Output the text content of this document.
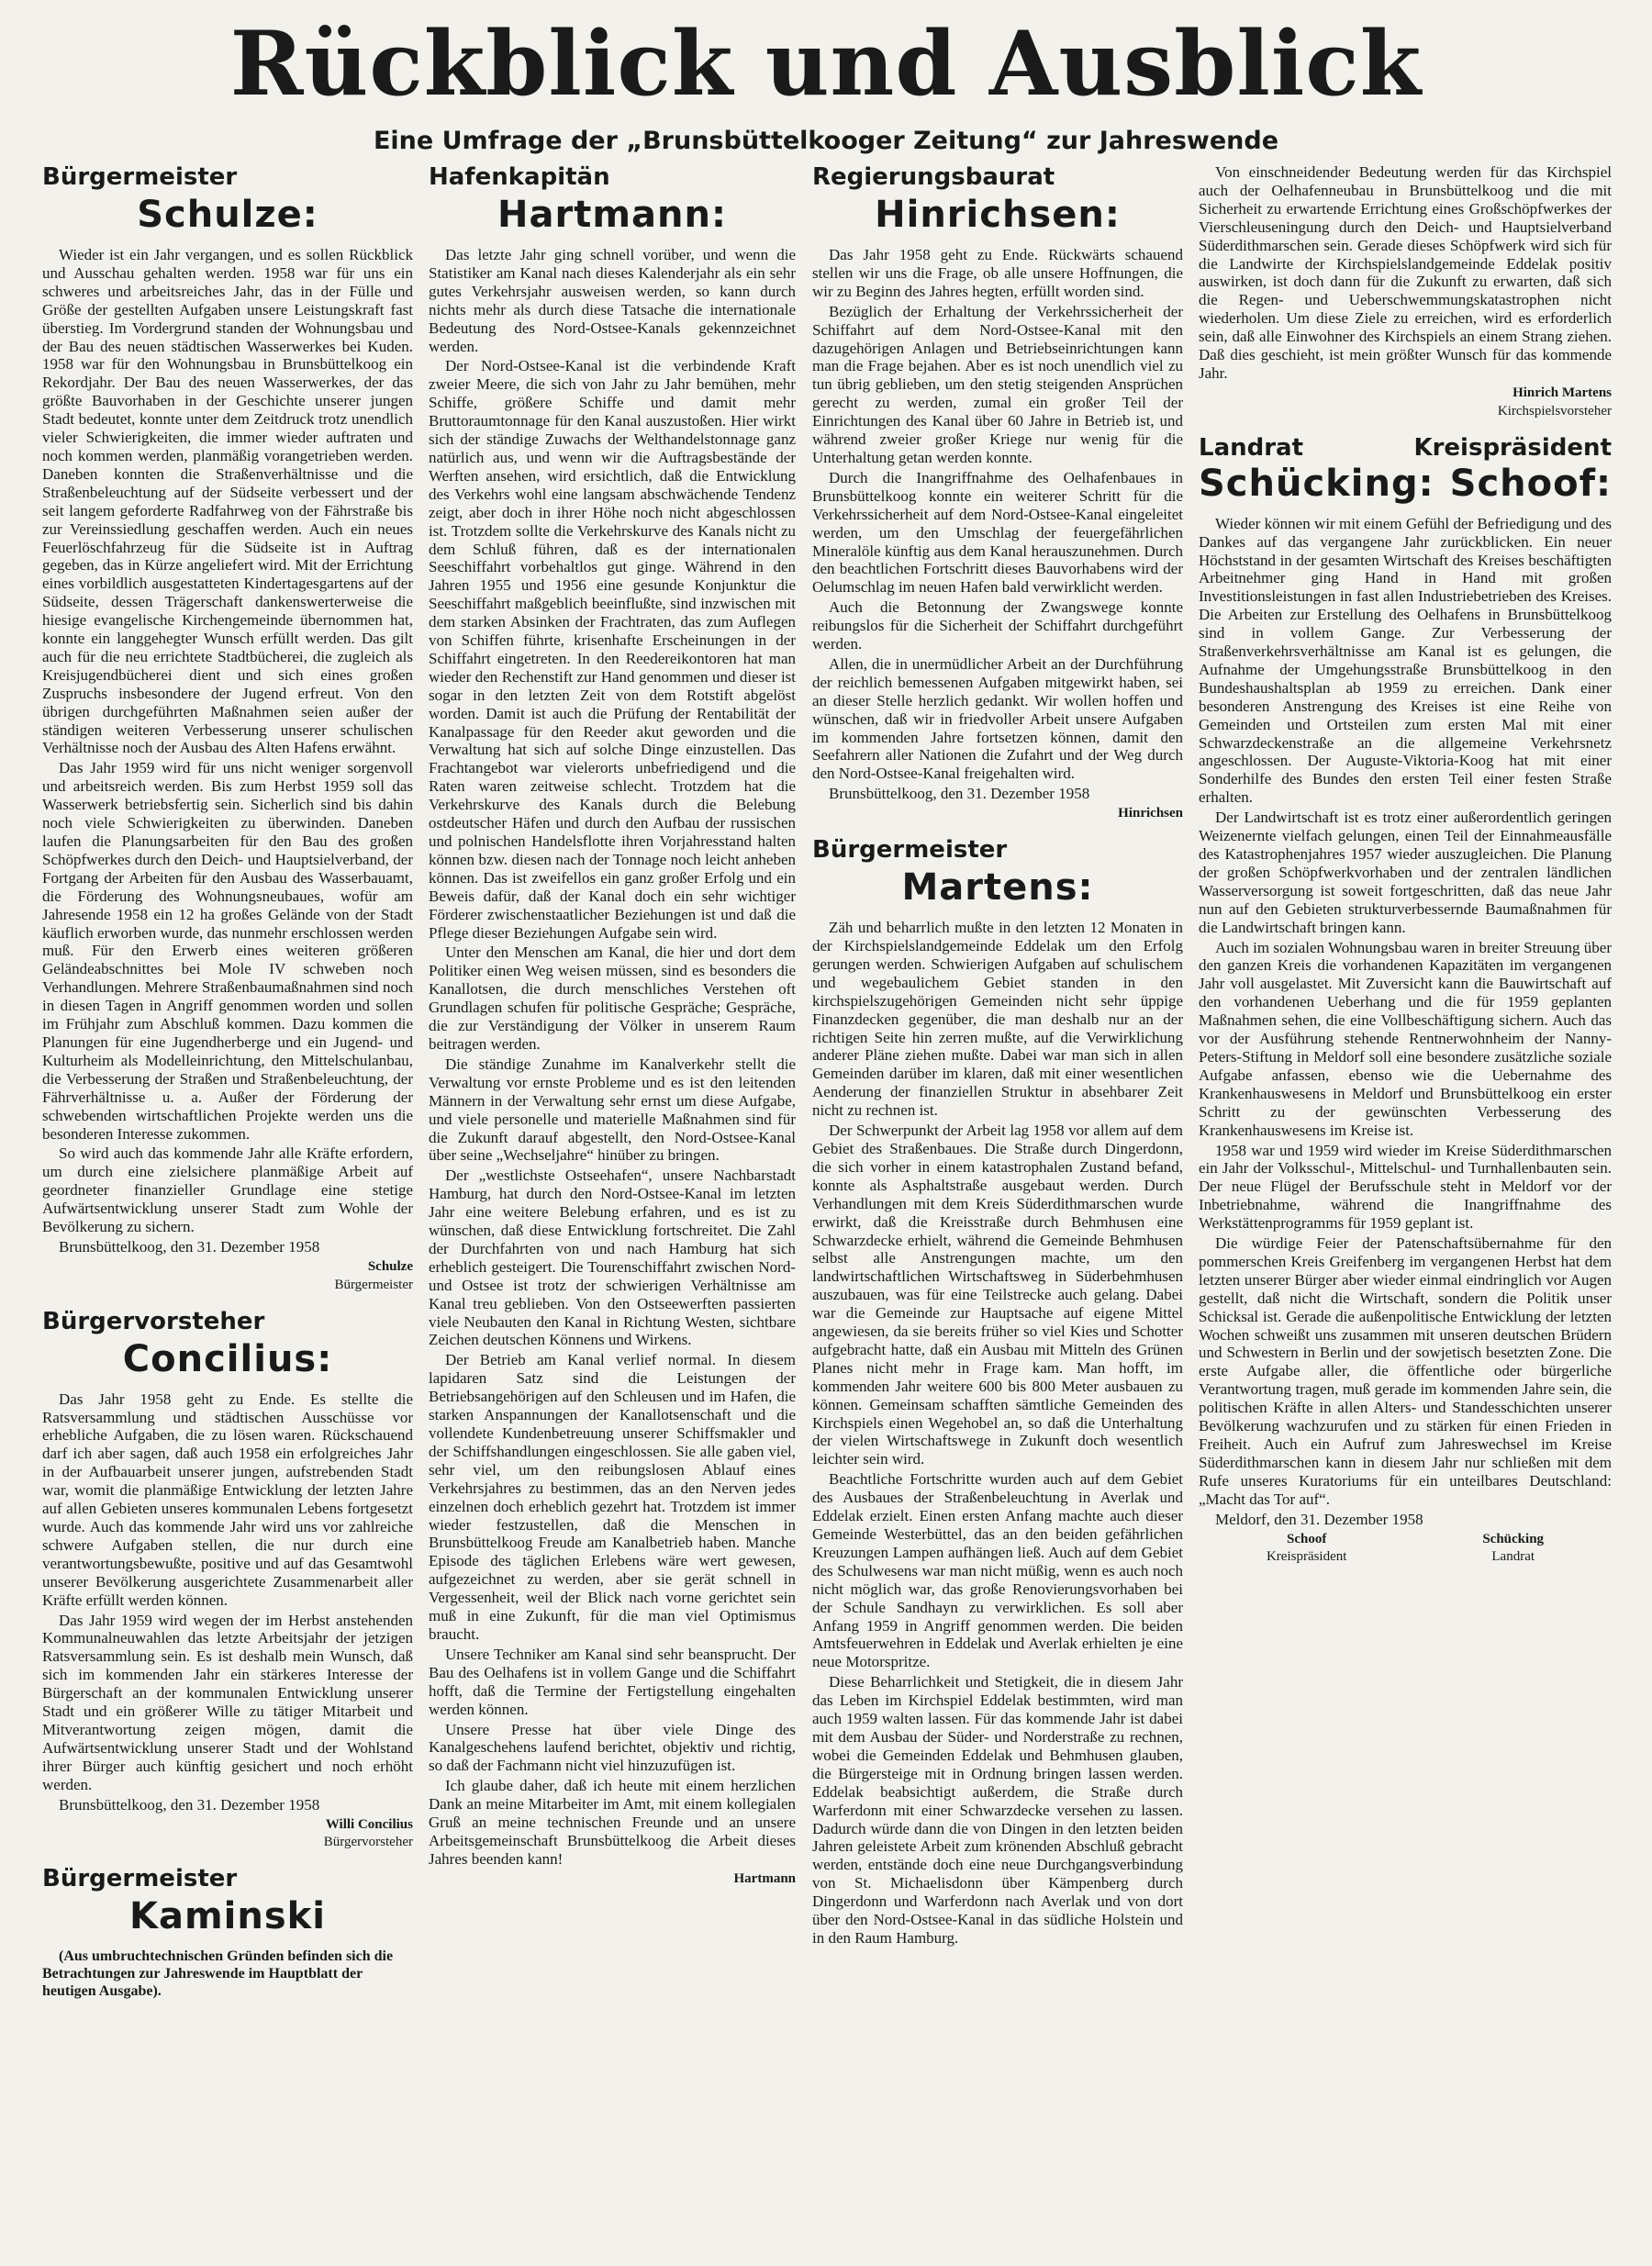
Rückblick und Ausblick
Eine Umfrage der „Brunsbüttelkooger Zeitung“ zur Jahreswende
Bürgermeister
Schulze:

Wieder ist ein Jahr vergangen, und es sollen Rückblick und Ausschau gehalten werden. 1958 war für uns ein schweres und arbeitsreiches Jahr, das in der Fülle und Größe der gestellten Aufgaben unsere Leistungskraft fast überstieg. Im Vordergrund standen der Wohnungsbau und der Bau des neuen städtischen Wasserwerkes bei Kuden. 1958 war für den Wohnungsbau in Brunsbüttelkoog ein Rekordjahr. Der Bau des neuen Wasserwerkes, der das größte Bauvorhaben in der Geschichte unserer jungen Stadt bedeutet, konnte unter dem Zeitdruck trotz unendlich vieler Schwierigkeiten, die immer wieder auftraten und noch kommen werden, planmäßig vorangetrieben werden. Daneben konnten die Straßenverhältnisse und die Straßenbeleuchtung auf der Südseite verbessert und der seit langem geforderte Radfahrweg von der Fährstraße bis zur Vereinssiedlung geschaffen werden. Auch ein neues Feuerlöschfahrzeug für die Südseite ist in Auftrag gegeben, das in Kürze angeliefert wird. Mit der Errichtung eines vorbildlich ausgestatteten Kindertagesgartens auf der Südseite, dessen Trägerschaft dankenswerterweise die hiesige evangelische Kirchengemeinde übernommen hat, konnte ein langgehegter Wunsch erfüllt werden. Das gilt auch für die neu errichtete Stadtbücherei, die zugleich als Kreisjugendbücherei dient und sich eines großen Zuspruchs insbesondere der Jugend erfreut. Von den übrigen durchgeführten Maßnahmen seien außer der ständigen weiteren Verbesserung unserer schulischen Verhältnisse noch der Ausbau des Alten Hafens erwähnt.

Das Jahr 1959 wird für uns nicht weniger sorgenvoll und arbeitsreich werden. Bis zum Herbst 1959 soll das Wasserwerk betriebsfertig sein. Sicherlich sind bis dahin noch viele Schwierigkeiten zu überwinden. Daneben laufen die Planungsarbeiten für den Bau des großen Schöpfwerkes durch den Deich- und Hauptsielverband, der Fortgang der Arbeiten für den Ausbau des Wasserbauamt, die Förderung des Wohnungsneubaues, wofür am Jahresende 1958 ein 12 ha großes Gelände von der Stadt käuflich erworben wurde, das nunmehr erschlossen werden muß. Für den Erwerb eines weiteren größeren Geländeabschnittes bei Mole IV schweben noch Verhandlungen. Mehrere Straßenbaumaßnahmen sind noch in diesen Tagen in Angriff genommen worden und sollen im Frühjahr zum Abschluß kommen. Dazu kommen die Planungen für eine Jugendherberge und ein Jugend- und Kulturheim als Modelleinrichtung, den Mittelschulanbau, die Verbesserung der Straßen und Straßenbeleuchtung, der Fährverhältnisse u. a. Außer der Förderung der schwebenden wirtschaftlichen Projekte werden uns die besonderen Interesse zukommen.

So wird auch das kommende Jahr alle Kräfte erfordern, um durch eine zielsichere planmäßige Arbeit auf geordneter finanzieller Grundlage eine stetige Aufwärtsentwicklung unserer Stadt zum Wohle der Bevölkerung zu sichern.

Brunsbüttelkoog, den 31. Dezember 1958

Schulze
Bürgermeister
Bürgervorsteher
Concilius:

Das Jahr 1958 geht zu Ende. Es stellte die Ratsversammlung und städtischen Ausschüsse vor erhebliche Aufgaben, die zu lösen waren. Rückschauend darf ich aber sagen, daß auch 1958 ein erfolgreiches Jahr in der Aufbauarbeit unserer jungen, aufstrebenden Stadt war, womit die planmäßige Entwicklung der letzten Jahre auf allen Gebieten unseres kommunalen Lebens fortgesetzt wurde. Auch das kommende Jahr wird uns vor zahlreiche schwere Aufgaben stellen, die nur durch eine verantwortungsbewußte, positive und auf das Gesamtwohl unserer Bevölkerung ausgerichtete Zusammenarbeit aller Kräfte erfüllt werden können.

Das Jahr 1959 wird wegen der im Herbst anstehenden Kommunalneuwahlen das letzte Arbeitsjahr der jetzigen Ratsversammlung sein. Es ist deshalb mein Wunsch, daß sich im kommenden Jahr ein stärkeres Interesse der Bürgerschaft an der kommunalen Entwicklung unserer Stadt und ein größerer Wille zu tätiger Mitarbeit und Mitverantwortung zeigen mögen, damit die Aufwärtsentwicklung unserer Stadt und der Wohlstand ihrer Bürger auch künftig gesichert und noch erhöht werden.

Brunsbüttelkoog, den 31. Dezember 1958

Willi Concilius
Bürgervorsteher
Bürgermeister
Kaminski

(Aus umbruchtechnischen Gründen befinden sich die Betrachtungen zur Jahreswende im Hauptblatt der heutigen Ausgabe).

Hafenkapitän
Hartmann:

Das letzte Jahr ging schnell vorüber, und wenn die Statistiker am Kanal nach dieses Kalenderjahr als ein sehr gutes Verkehrsjahr ausweisen werden, so kann durch nichts mehr als durch diese Tatsache die internationale Bedeutung des Nord-Ostsee-Kanals gekennzeichnet werden.

Der Nord-Ostsee-Kanal ist die verbindende Kraft zweier Meere, die sich von Jahr zu Jahr bemühen, mehr Schiffe, größere Schiffe und damit mehr Bruttoraumtonnage für den Kanal auszustoßen. Hier wirkt sich der ständige Zuwachs der Welthandelstonnage ganz natürlich aus, und wenn wir die Auftragsbestände der Werften ansehen, wird ersichtlich, daß die Entwicklung des Verkehrs wohl eine langsam abschwächende Tendenz zeigt, aber doch in ihrer Höhe noch nicht abgeschlossen ist. Trotzdem sollte die Verkehrskurve des Kanals nicht zu dem Schluß führen, daß es der internationalen Seeschiffahrt vorbehaltlos gut ginge. Während in den Jahren 1955 und 1956 eine gesunde Konjunktur die Seeschiffahrt maßgeblich beeinflußte, sind inzwischen mit dem starken Absinken der Frachtraten, das zum Auflegen von Schiffen führte, krisenhafte Erscheinungen in der Schiffahrt eingetreten. In den Reedereikontoren hat man wieder den Rechenstift zur Hand genommen und dieser ist sogar in den letzten Zeit von dem Rotstift abgelöst worden. Damit ist auch die Prüfung der Rentabilität der Kanalpassage für den Reeder akut geworden und die Verwaltung hat sich auf solche Dinge einzustellen. Das Frachtangebot war vielerorts unbefriedigend und die Raten waren zeitweise schlecht. Trotzdem hat die Verkehrskurve des Kanals durch die Belebung ostdeutscher Häfen und durch den Aufbau der russischen und polnischen Handelsflotte ihren Vorjahresstand halten können bzw. diesen nach der Tonnage noch leicht anheben können. Das ist zweifellos ein ganz großer Erfolg und ein Beweis dafür, daß der Kanal doch ein sehr wichtiger Förderer zwischenstaatlicher Beziehungen ist und daß die Pflege dieser Beziehungen Aufgabe sein wird.

Unter den Menschen am Kanal, die hier und dort dem Politiker einen Weg weisen müssen, sind es besonders die Kanallotsen, die durch menschliches Verstehen oft Grundlagen schufen für politische Gespräche; Gespräche, die zur Verständigung der Völker in unserem Raum beitragen werden.

Die ständige Zunahme im Kanalverkehr stellt die Verwaltung vor ernste Probleme und es ist den leitenden Männern in der Verwaltung sehr ernst um diese Aufgabe, und viele personelle und materielle Maßnahmen sind für die Zukunft darauf abgestellt, den Nord-Ostsee-Kanal über seine „Wechseljahre“ hinüber zu bringen.

Der „westlichste Ostseehafen“, unsere Nachbarstadt Hamburg, hat durch den Nord-Ostsee-Kanal im letzten Jahr eine weitere Belebung erfahren, und es ist zu wünschen, daß diese Entwicklung fortschreitet. Die Zahl der Durchfahrten von und nach Hamburg hat sich erheblich gesteigert. Die Tourenschiffahrt zwischen Nord- und Ostsee ist trotz der schwierigen Verhältnisse am Kanal treu geblieben. Von den Ostseewerften passierten viele Neubauten den Kanal in Richtung Westen, sichtbare Zeichen deutschen Könnens und Wirkens.

Der Betrieb am Kanal verlief normal. In diesem lapidaren Satz sind die Leistungen der Betriebsangehörigen auf den Schleusen und im Hafen, die starken Anspannungen der Kanallotsenschaft und die vollendete Kundenbetreuung unserer Schiffsmakler und der Schiffshandlungen eingeschlossen. Sie alle gaben viel, sehr viel, um den reibungslosen Ablauf eines Verkehrsjahres zu bestimmen, das an den Nerven jedes einzelnen doch erheblich gezehrt hat. Trotzdem ist immer wieder festzustellen, daß die Menschen in Brunsbüttelkoog Freude am Kanalbetrieb haben. Manche Episode des täglichen Erlebens wäre wert gewesen, aufgezeichnet zu werden, aber sie gerät schnell in Vergessenheit, weil der Blick nach vorne gerichtet sein muß in eine Zukunft, für die man viel Optimismus braucht.

Unsere Techniker am Kanal sind sehr beansprucht. Der Bau des Oelhafens ist in vollem Gange und die Schiffahrt hofft, daß die Termine der Fertigstellung eingehalten werden können.

Unsere Presse hat über viele Dinge des Kanalgeschehens laufend berichtet, objektiv und richtig, so daß der Fachmann nicht viel hinzuzufügen ist.

Ich glaube daher, daß ich heute mit einem herzlichen Dank an meine Mitarbeiter im Amt, mit einem kollegialen Gruß an meine technischen Freunde und an unsere Arbeitsgemeinschaft Brunsbüttelkoog die Arbeit dieses Jahres beenden kann!

Hartmann
Regierungsbaurat
Hinrichsen:

Das Jahr 1958 geht zu Ende. Rückwärts schauend stellen wir uns die Frage, ob alle unsere Hoffnungen, die wir zu Beginn des Jahres hegten, erfüllt worden sind.

Bezüglich der Erhaltung der Verkehrssicherheit der Schiffahrt auf dem Nord-Ostsee-Kanal mit den dazugehörigen Anlagen und Betriebseinrichtungen kann man die Frage bejahen. Aber es ist noch unendlich viel zu tun übrig geblieben, um den stetig steigenden Ansprüchen gerecht zu werden, zumal ein großer Teil der Einrichtungen des Kanal über 60 Jahre in Betrieb ist, und während zweier großer Kriege nur wenig für die Unterhaltung getan werden konnte.

Durch die Inangriffnahme des Oelhafenbaues in Brunsbüttelkoog konnte ein weiterer Schritt für die Verkehrssicherheit auf dem Nord-Ostsee-Kanal eingeleitet werden, um den Umschlag der feuergefährlichen Mineralöle künftig aus dem Kanal herauszunehmen. Durch den beachtlichen Fortschritt dieses Bauvorhabens wird der Oelumschlag im neuen Hafen bald verwirklicht werden.

Auch die Betonnung der Zwangswege konnte reibungslos für die Sicherheit der Schiffahrt durchgeführt werden.

Allen, die in unermüdlicher Arbeit an der Durchführung der reichlich bemessenen Aufgaben mitgewirkt haben, sei an dieser Stelle herzlich gedankt. Wir wollen hoffen und wünschen, daß wir in friedvoller Arbeit unsere Aufgaben im kommenden Jahre fortsetzen können, damit den Seefahrern aller Nationen die Zufahrt und der Weg durch den Nord-Ostsee-Kanal freigehalten wird.

Brunsbüttelkoog, den 31. Dezember 1958

Hinrichsen
Bürgermeister
Martens:

Zäh und beharrlich mußte in den letzten 12 Monaten in der Kirchspielslandgemeinde Eddelak um den Erfolg gerungen werden. Schwierigen Aufgaben auf schulischem und wegebaulichem Gebiet standen in den kirchspielszugehörigen Gemeinden nicht sehr üppige Finanzdecken gegenüber, die man deshalb nur an der richtigen Seite hin zerren mußte, auf die Verwirklichung anderer Pläne ziehen mußte. Dabei war man sich in allen Gemeinden darüber im klaren, daß mit einer wesentlichen Aenderung der finanziellen Struktur in absehbarer Zeit nicht zu rechnen ist.

Der Schwerpunkt der Arbeit lag 1958 vor allem auf dem Gebiet des Straßenbaues. Die Straße durch Dingerdonn, die sich vorher in einem katastrophalen Zustand befand, konnte als Asphaltstraße ausgebaut werden. Durch Verhandlungen mit dem Kreis Süderdithmarschen wurde erwirkt, daß die Kreisstraße durch Behmhusen eine Schwarzdecke erhielt, während die Gemeinde Behmhusen selbst alle Anstrengungen machte, um den landwirtschaftlichen Wirtschaftsweg in Süderbehmhusen auszubauen, was für eine Teilstrecke auch gelang. Dabei war die Gemeinde zur Hauptsache auf eigene Mittel angewiesen, da sie bereits früher so viel Kies und Schotter aufgebracht hatte, daß ein Ausbau mit Mitteln des Grünen Planes nicht mehr in Frage kam. Man hofft, im kommenden Jahr weitere 600 bis 800 Meter ausbauen zu können. Gemeinsam schafften sämtliche Gemeinden des Kirchspiels einen Wegehobel an, so daß die Unterhaltung der vielen Wirtschaftswege in Zukunft doch wesentlich leichter sein wird.

Beachtliche Fortschritte wurden auch auf dem Gebiet des Ausbaues der Straßenbeleuchtung in Averlak und Eddelak erzielt. Einen ersten Anfang machte auch dieser Gemeinde Westerbüttel, das an den beiden gefährlichen Kreuzungen Lampen aufhängen ließ. Auch auf dem Gebiet des Schulwesens war man nicht müßig, wenn es auch noch nicht möglich war, das große Renovierungsvorhaben bei der Schule Sandhayn zu verwirklichen. Es soll aber Anfang 1959 in Angriff genommen werden. Die beiden Amtsfeuerwehren in Eddelak und Averlak erhielten je eine neue Motorspritze.

Diese Beharrlichkeit und Stetigkeit, die in diesem Jahr das Leben im Kirchspiel Eddelak bestimmten, wird man auch 1959 walten lassen. Für das kommende Jahr ist dabei mit dem Ausbau der Süder- und Norderstraße zu rechnen, wobei die Gemeinden Eddelak und Behmhusen glauben, die Bürgersteige mit in Ordnung bringen lassen werden. Eddelak beabsichtigt außerdem, die Straße durch Warferdonn mit einer Schwarzdecke versehen zu lassen. Dadurch würde dann die von Dingen in den letzten beiden Jahren geleistete Arbeit zum krönenden Abschluß gebracht werden, entstände doch eine neue Durchgangsverbindung von St. Michaelisdonn über Kämpenberg durch Dingerdonn und Warferdonn nach Averlak und von dort über den Nord-Ostsee-Kanal in das südliche Holstein und in den Raum Hamburg.

Von einschneidender Bedeutung werden für das Kirchspiel auch der Oelhafenneubau in Brunsbüttelkoog und die mit Sicherheit zu erwartende Errichtung eines Großschöpfwerkes der Vierschleuseningung durch den Deich- und Hauptsielverband Süderdithmarschen sein. Gerade dieses Schöpfwerk wird sich für die Landwirte der Kirchspielslandgemeinde Eddelak positiv auswirken, ist doch dann für die Zukunft zu erwarten, daß sich die Regen- und Ueberschwemmungskatastrophen nicht wiederholen. Um diese Ziele zu erreichen, wird es erforderlich sein, daß alle Einwohner des Kirchspiels an einem Strang ziehen. Daß dies geschieht, ist mein größter Wunsch für das kommende Jahr.

Hinrich Martens
Kirchspielsvorsteher
Landrat	Kreispräsident
Schücking: Schoof:

Wieder können wir mit einem Gefühl der Befriedigung und des Dankes auf das vergangene Jahr zurückblicken. Ein neuer Höchststand in der gesamten Wirtschaft des Kreises beschäftigten Arbeitnehmer ging Hand in Hand mit großen Investitionsleistungen in fast allen Industriebetrieben des Kreises. Die Arbeiten zur Erstellung des Oelhafens in Brunsbüttelkoog sind in vollem Gange. Zur Verbesserung der Straßenverkehrsverhältnisse am Kanal ist es gelungen, die Aufnahme der Umgehungsstraße Brunsbüttelkoog in den Bundeshaushaltsplan ab 1959 zu erreichen. Dank einer besonderen Anstrengung des Kreises ist eine Reihe von Gemeinden und Ortsteilen zum ersten Mal mit einer Schwarzdeckenstraße an die allgemeine Verkehrsnetz angeschlossen. Der Auguste-Viktoria-Koog hat mit einer Sonderhilfe des Bundes den ersten Teil einer festen Straße erhalten.

Der Landwirtschaft ist es trotz einer außerordentlich geringen Weizenernte vielfach gelungen, einen Teil der Einnahmeausfälle des Katastrophenjahres 1957 wieder auszugleichen. Die Planung der großen Schöpfwerkvorhaben und der zentralen ländlichen Wasserversorgung ist soweit fortgeschritten, daß das neue Jahr nun auf den Gebieten strukturverbessernde Baumaßnahmen für die Landwirtschaft bringen kann.

Auch im sozialen Wohnungsbau waren in breiter Streuung über den ganzen Kreis die vorhandenen Kapazitäten im vergangenen Jahr voll ausgelastet. Mit Zuversicht kann die Bauwirtschaft auf den vorhandenen Ueberhang und die für 1959 geplanten Maßnahmen sehen, die eine Vollbeschäftigung sichern. Auch das vor der Ausführung stehende Rentnerwohnheim der Nanny-Peters-Stiftung in Meldorf soll eine besondere zusätzliche soziale Aufgabe anfassen, ebenso wie die Uebernahme des Krankenhauswesens in Meldorf und Brunsbüttelkoog ein erster Schritt zu der gewünschten Verbesserung des Krankenhauswesens im Kreise ist.

1958 war und 1959 wird wieder im Kreise Süderdithmarschen ein Jahr der Volksschul-, Mittelschul- und Turnhallenbauten sein. Der neue Flügel der Berufsschule steht in Meldorf vor der Inbetriebnahme, während die Inangriffnahme des Werkstättenprogramms für 1959 geplant ist.

Die würdige Feier der Patenschaftsübernahme für den pommerschen Kreis Greifenberg im vergangenen Herbst hat dem letzten unserer Bürger aber wieder einmal eindringlich vor Augen gestellt, daß nicht die Wirtschaft, sondern die Politik unser Schicksal ist. Gerade die außenpolitische Entwicklung der letzten Wochen schweißt uns zusammen mit unseren deutschen Brüdern und Schwestern in Berlin und der sowjetisch besetzten Zone. Die erste Aufgabe aller, die öffentliche oder bürgerliche Verantwortung tragen, muß gerade im kommenden Jahre sein, die politischen Kräfte in allen Alters- und Standesschichten unserer Bevölkerung wachzurufen und zu stärken für einen Frieden in Freiheit. Auch ein Aufruf zum Jahreswechsel im Kreise Süderdithmarschen kann in diesem Jahr nur schließen mit dem Rufe unseres Kuratoriums für ein unteilbares Deutschland: „Macht das Tor auf“.

Meldorf, den 31. Dezember 1958

Schoof
Kreispräsident
Schücking
Landrat
